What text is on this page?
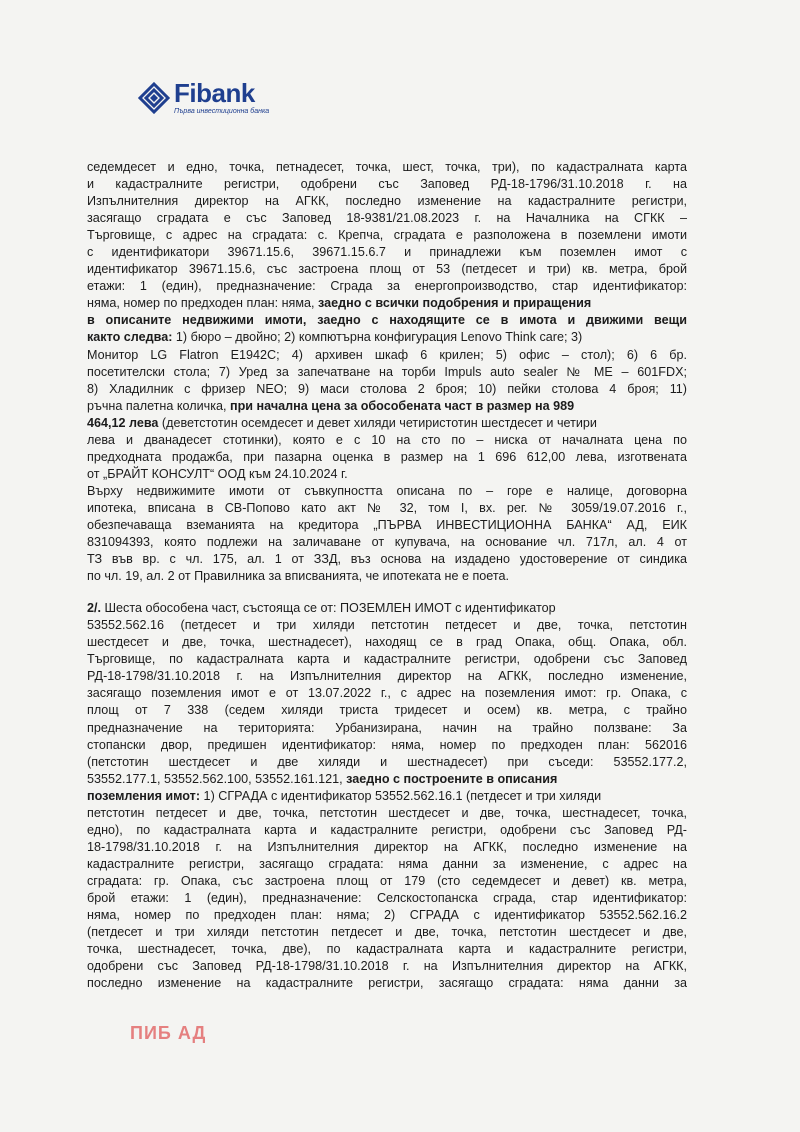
Fibank
Първа инвестиционна банка
седемдесет и едно, точка, петнадесет, точка, шест, точка, три), по кадастралната карта
и кадастралните регистри, одобрени със Заповед РД-18-1796/31.10.2018 г. на
Изпълнителния директор на АГКК, последно изменение на кадастралните регистри,
засягащо сградата е със Заповед 18-9381/21.08.2023 г. на Началника на СГКК –
Търговище, с адрес на сградата: с. Крепча, сградата е разположена в поземлени имоти
с идентификатори 39671.15.6, 39671.15.6.7 и принадлежи към поземлен имот с
идентификатор 39671.15.6, със застроена площ от 53 (петдесет и три) кв. метра, брой
етажи: 1 (един), предназначение: Сграда за енергопроизводство, стар идентификатор:
няма, номер по предходен план: няма, заедно с всички подобрения и приращения
в описаните недвижими имоти, заедно с находящите се в имота и движими вещи
както следва: 1) бюро – двойно; 2) компютърна конфигурация Lenovo Think care; 3)
Монитор LG Flatron E1942C; 4) архивен шкаф 6 крилен; 5) офис – стол); 6) 6 бр.
посетителски стола; 7) Уред за запечатване на торби Impuls auto sealer № ME – 601FDX;
8) Хладилник с фризер NEO; 9) маси столова 2 броя; 10) пейки столова 4 броя; 11)
ръчна палетна количка, при начална цена за обособената част в размер на 989
464,12 лева (деветстотин осемдесет и девет хиляди четиристотин шестдесет и четири
лева и дванадесет стотинки), която е с 10 на сто по – ниска от началната цена по
предходната продажба, при пазарна оценка в размер на 1 696 612,00 лева, изготвената
от „БРАЙТ КОНСУЛТ“ ООД към 24.10.2024 г.
Върху недвижимите имоти от съвкупността описана по – горе е налице, договорна
ипотека, вписана в СВ-Попово като акт № 32, том I, вх. рег. № 3059/19.07.2016 г.,
обезпечаваща вземанията на кредитора „ПЪРВА ИНВЕСТИЦИОННА БАНКА“ АД, ЕИК
831094393, която подлежи на заличаване от купувача, на основание чл. 717л, ал. 4 от
ТЗ във вр. с чл. 175, ал. 1 от ЗЗД, въз основа на издадено удостоверение от синдика
по чл. 19, ал. 2 от Правилника за вписванията, че ипотеката не е поета.
2/. Шеста обособена част, състояща се от: ПОЗЕМЛЕН ИМОТ с идентификатор
53552.562.16 (петдесет и три хиляди петстотин петдесет и две, точка, петстотин
шестдесет и две, точка, шестнадесет), находящ се в град Опака, общ. Опака, обл.
Търговище, по кадастралната карта и кадастралните регистри, одобрени със Заповед
РД-18-1798/31.10.2018 г. на Изпълнителния директор на АГКК, последно изменение,
засягащо поземления имот е от 13.07.2022 г., с адрес на поземления имот: гр. Опака, с
площ от 7 338 (седем хиляди триста тридесет и осем) кв. метра, с трайно
предназначение на територията: Урбанизирана, начин на трайно ползване: За
стопански двор, предишен идентификатор: няма, номер по предходен план: 562016
(петстотин шестдесет и две хиляди и шестнадесет) при съседи: 53552.177.2,
53552.177.1, 53552.562.100, 53552.161.121, заедно с построените в описания
поземления имот: 1) СГРАДА с идентификатор 53552.562.16.1 (петдесет и три хиляди
петстотин петдесет и две, точка, петстотин шестдесет и две, точка, шестнадесет, точка,
едно), по кадастралната карта и кадастралните регистри, одобрени със Заповед РД-
18-1798/31.10.2018 г. на Изпълнителния директор на АГКК, последно изменение на
кадастралните регистри, засягащо сградата: няма данни за изменение, с адрес на
сградата: гр. Опака, със застроена площ от 179 (сто седемдесет и девет) кв. метра,
брой етажи: 1 (един), предназначение: Селскостопанска сграда, стар идентификатор:
няма, номер по предходен план: няма; 2) СГРАДА с идентификатор 53552.562.16.2
(петдесет и три хиляди петстотин петдесет и две, точка, петстотин шестдесет и две,
точка, шестнадесет, точка, две), по кадастралната карта и кадастралните регистри,
одобрени със Заповед РД-18-1798/31.10.2018 г. на Изпълнителния директор на АГКК,
последно изменение на кадастралните регистри, засягащо сградата: няма данни за
ПИБ АД
